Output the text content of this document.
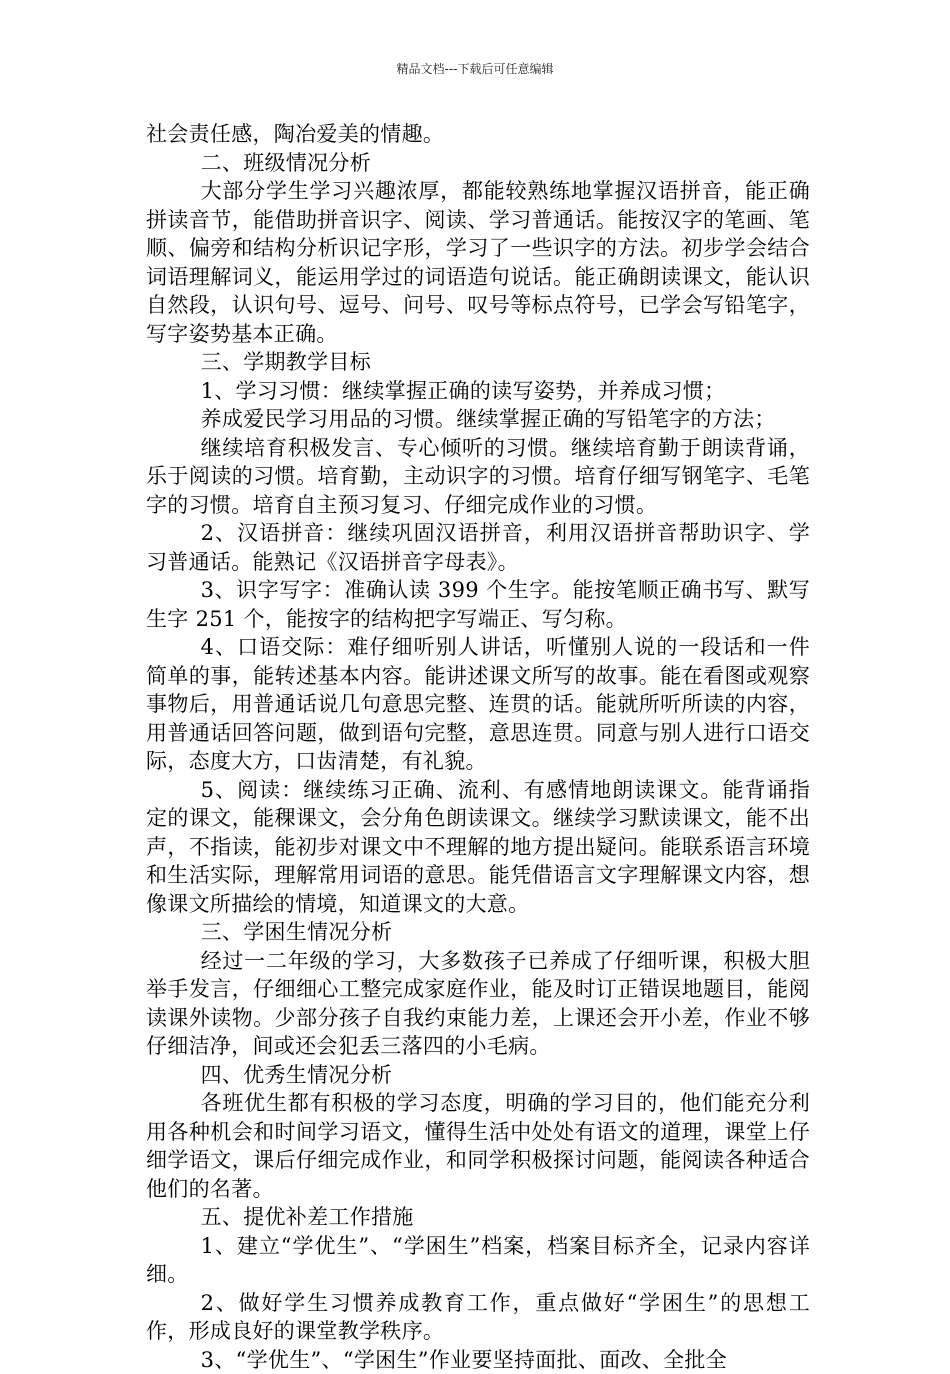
精品文档---下载后可任意编辑

社会责任感，陶冶爱美的情趣。

二、班级情况分析

大部分学生学习兴趣浓厚，都能较熟练地掌握汉语拼音，能正确拼读音节，能借助拼音识字、阅读、学习普通话。能按汉字的笔画、笔顺、偏旁和结构分析识记字形，学习了一些识字的方法。初步学会结合词语理解词义，能运用学过的词语造句说话。能正确朗读课文，能认识自然段，认识句号、逗号、问号、叹号等标点符号，已学会写铅笔字，写字姿势基本正确。

三、学期教学目标

1、学习习惯：继续掌握正确的读写姿势，并养成习惯；

养成爱民学习用品的习惯。继续掌握正确的写铅笔字的方法；

继续培育积极发言、专心倾听的习惯。继续培育勤于朗读背诵，乐于阅读的习惯。培育勤，主动识字的习惯。培育仔细写钢笔字、毛笔字的习惯。培育自主预习复习、仔细完成作业的习惯。

2、汉语拼音：继续巩固汉语拼音，利用汉语拼音帮助识字、学习普通话。能熟记《汉语拼音字母表》。

3、识字写字：准确认读 399 个生字。能按笔顺正确书写、默写生字 251 个，能按字的结构把字写端正、写匀称。

4、口语交际：难仔细听别人讲话，听懂别人说的一段话和一件简单的事，能转述基本内容。能讲述课文所写的故事。能在看图或观察事物后，用普通话说几句意思完整、连贯的话。能就所听所读的内容，用普通话回答问题，做到语句完整，意思连贯。同意与别人进行口语交际，态度大方，口齿清楚，有礼貌。

5、阅读：继续练习正确、流利、有感情地朗读课文。能背诵指定的课文，能稞课文，会分角色朗读课文。继续学习默读课文，能不出声，不指读，能初步对课文中不理解的地方提出疑问。能联系语言环境和生活实际，理解常用词语的意思。能凭借语言文字理解课文内容，想像课文所描绘的情境，知道课文的大意。

三、学困生情况分析

经过一二年级的学习，大多数孩子已养成了仔细听课，积极大胆举手发言，仔细细心工整完成家庭作业，能及时订正错误地题目，能阅读课外读物。少部分孩子自我约束能力差，上课还会开小差，作业不够仔细洁净，间或还会犯丢三落四的小毛病。

四、优秀生情况分析

各班优生都有积极的学习态度，明确的学习目的，他们能充分利用各种机会和时间学习语文，懂得生活中处处有语文的道理，课堂上仔细学语文，课后仔细完成作业，和同学积极探讨问题，能阅读各种适合他们的名著。

五、提优补差工作措施

1、建立“学优生”、“学困生”档案，档案目标齐全，记录内容详细。

2、做好学生习惯养成教育工作，重点做好“学困生”的思想工作，形成良好的课堂教学秩序。

3、“学优生”、“学困生”作业要坚持面批、面改、全批全
